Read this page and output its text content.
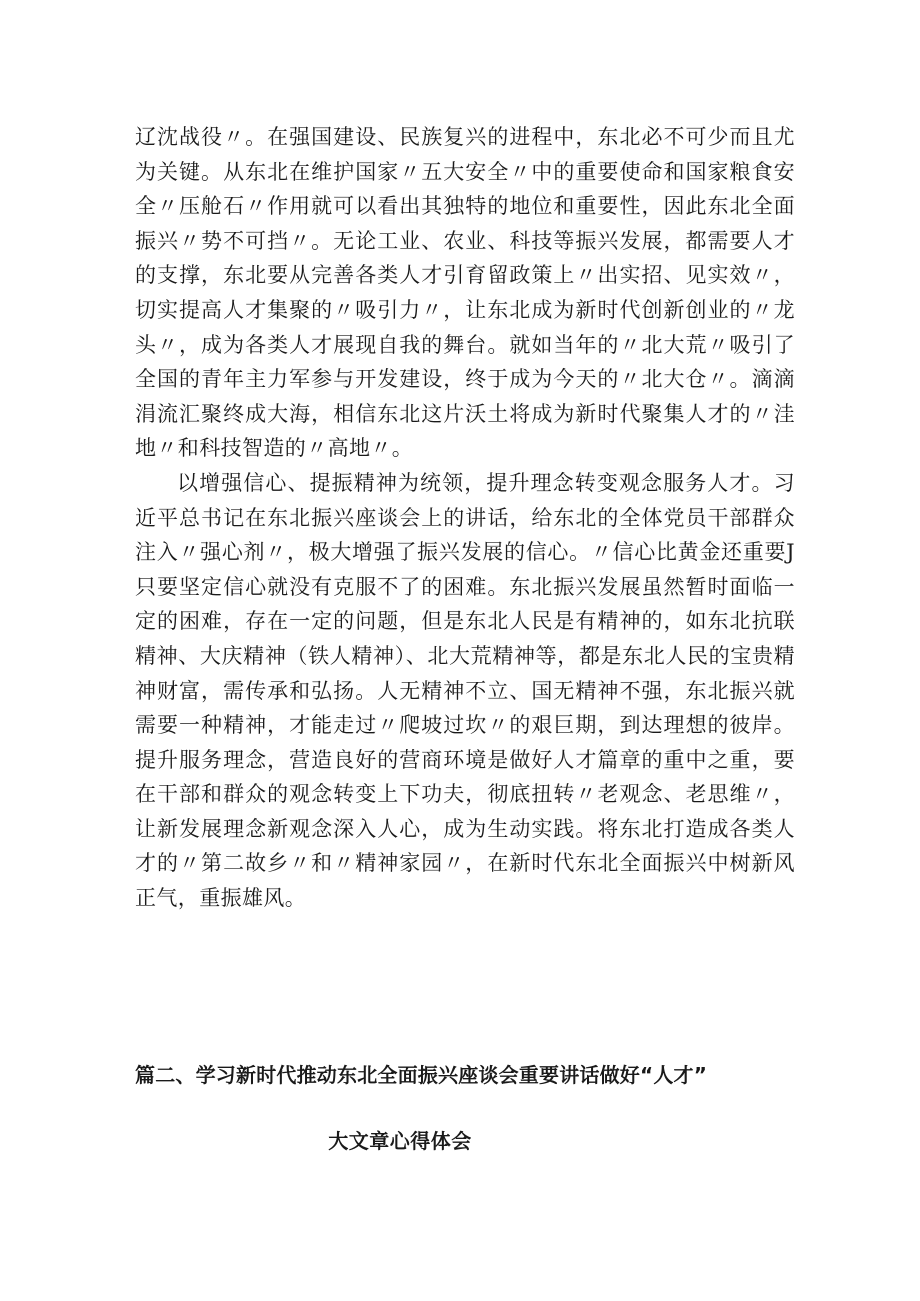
辽沈战役〃。在强国建设、民族复兴的进程中，东北必不可少而且尤为关键。从东北在维护国家〃五大安全〃中的重要使命和国家粮食安全〃压舱石〃作用就可以看出其独特的地位和重要性，因此东北全面振兴〃势不可挡〃。无论工业、农业、科技等振兴发展，都需要人才的支撑，东北要从完善各类人才引育留政策上〃出实招、见实效〃，切实提高人才集聚的〃吸引力〃，让东北成为新时代创新创业的〃龙头〃，成为各类人才展现自我的舞台。就如当年的〃北大荒〃吸引了全国的青年主力军参与开发建设，终于成为今天的〃北大仓〃。滴滴涓流汇聚终成大海，相信东北这片沃土将成为新时代聚集人才的〃洼地〃和科技智造的〃高地〃。

以增强信心、提振精神为统领，提升理念转变观念服务人才。习近平总书记在东北振兴座谈会上的讲话，给东北的全体党员干部群众注入〃强心剂〃，极大增强了振兴发展的信心。〃信心比黄金还重要J只要坚定信心就没有克服不了的困难。东北振兴发展虽然暂时面临一定的困难，存在一定的问题，但是东北人民是有精神的，如东北抗联精神、大庆精神（铁人精神）、北大荒精神等，都是东北人民的宝贵精神财富，需传承和弘扬。人无精神不立、国无精神不强，东北振兴就需要一种精神，才能走过〃爬坡过坎〃的艰巨期，到达理想的彼岸。提升服务理念，营造良好的营商环境是做好人才篇章的重中之重，要在干部和群众的观念转变上下功夫，彻底扭转〃老观念、老思维〃，让新发展理念新观念深入人心，成为生动实践。将东北打造成各类人才的〃第二故乡〃和〃精神家园〃，在新时代东北全面振兴中树新风正气，重振雄风。

篇二、学习新时代推动东北全面振兴座谈会重要讲话做好“人才”

大文章心得体会
